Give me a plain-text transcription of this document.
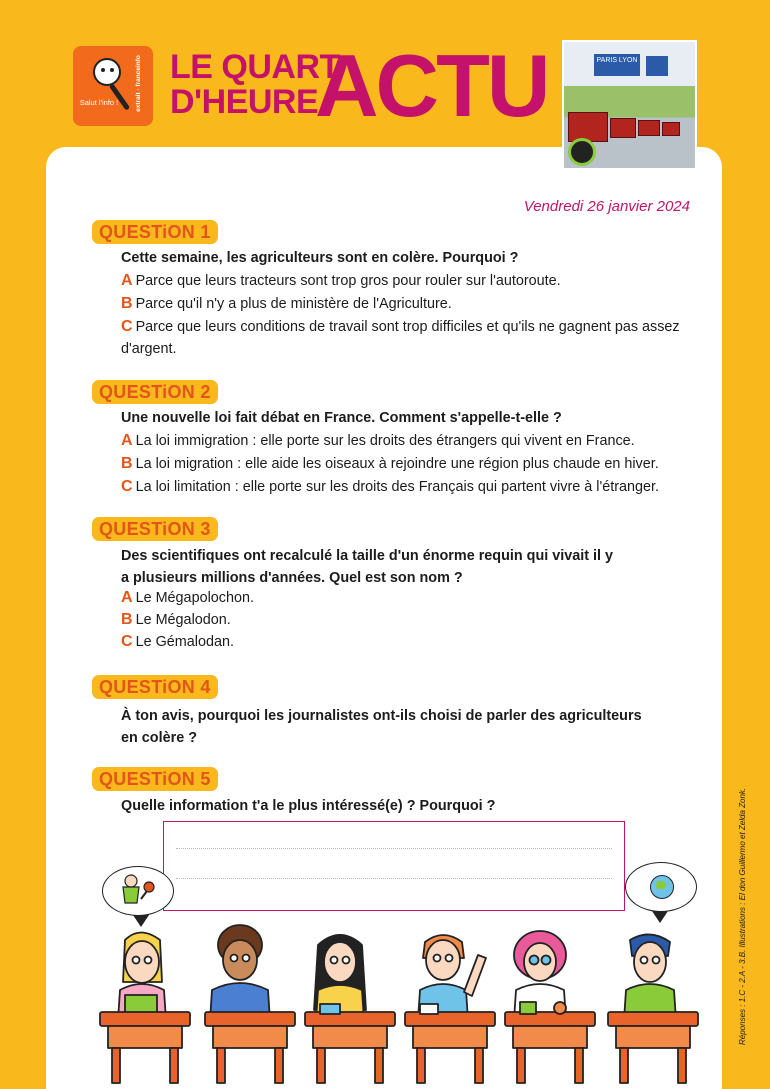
Salut l'info !	extrait · franceinfo LE QUART
D'HEURE
ACTU	PARIS LYON
Vendredi 26 janvier 2024
QUESTiON 1
Cette semaine, les agriculteurs sont en colère. Pourquoi ?
A Parce que leurs tracteurs sont trop gros pour rouler sur l'autoroute.
B Parce qu'il n'y a plus de ministère de l'Agriculture.
C Parce que leurs conditions de travail sont trop difficiles et qu'ils ne gagnent pas assez d'argent.
QUESTiON 2
Une nouvelle loi fait débat en France. Comment s'appelle-t-elle ?
A La loi immigration : elle porte sur les droits des étrangers qui vivent en France.
B La loi migration : elle aide les oiseaux à rejoindre une région plus chaude en hiver.
C La loi limitation : elle porte sur les droits des Français qui partent vivre à l'étranger.
QUESTiON 3
Des scientifiques ont recalculé la taille d'un énorme requin qui vivait il y a plusieurs millions d'années. Quel est son nom ?
A Le Mégapolochon.
B Le Mégalodon.
C Le Gémalodan.
QUESTiON 4
À ton avis, pourquoi les journalistes ont-ils choisi de parler des agriculteurs en colère ?
QUESTiON 5
Quelle information t'a le plus intéressé(e) ? Pourquoi ?	Réponses : 1.C - 2.A - 3.B. Illustrations : El don Guillermo et Zelda Zonk.
